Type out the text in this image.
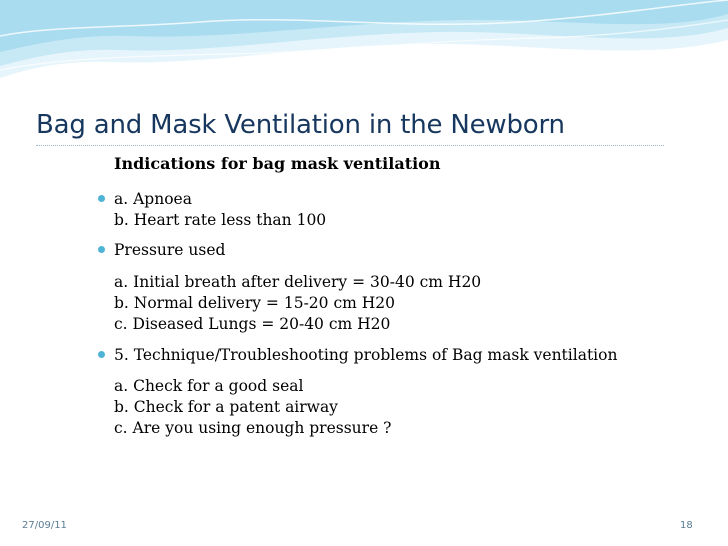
Bag and Mask Ventilation in the Newborn
Indications for bag mask ventilation
a. Apnoea
b. Heart rate less than 100
Pressure used
a. Initial breath after delivery = 30-40 cm H20
b. Normal delivery = 15-20 cm H20
c. Diseased Lungs = 20-40 cm H20
5. Technique/Troubleshooting problems of Bag mask ventilation
a. Check for a good seal
b. Check for a patent airway
c. Are you using enough pressure ?
27/09/11	18
